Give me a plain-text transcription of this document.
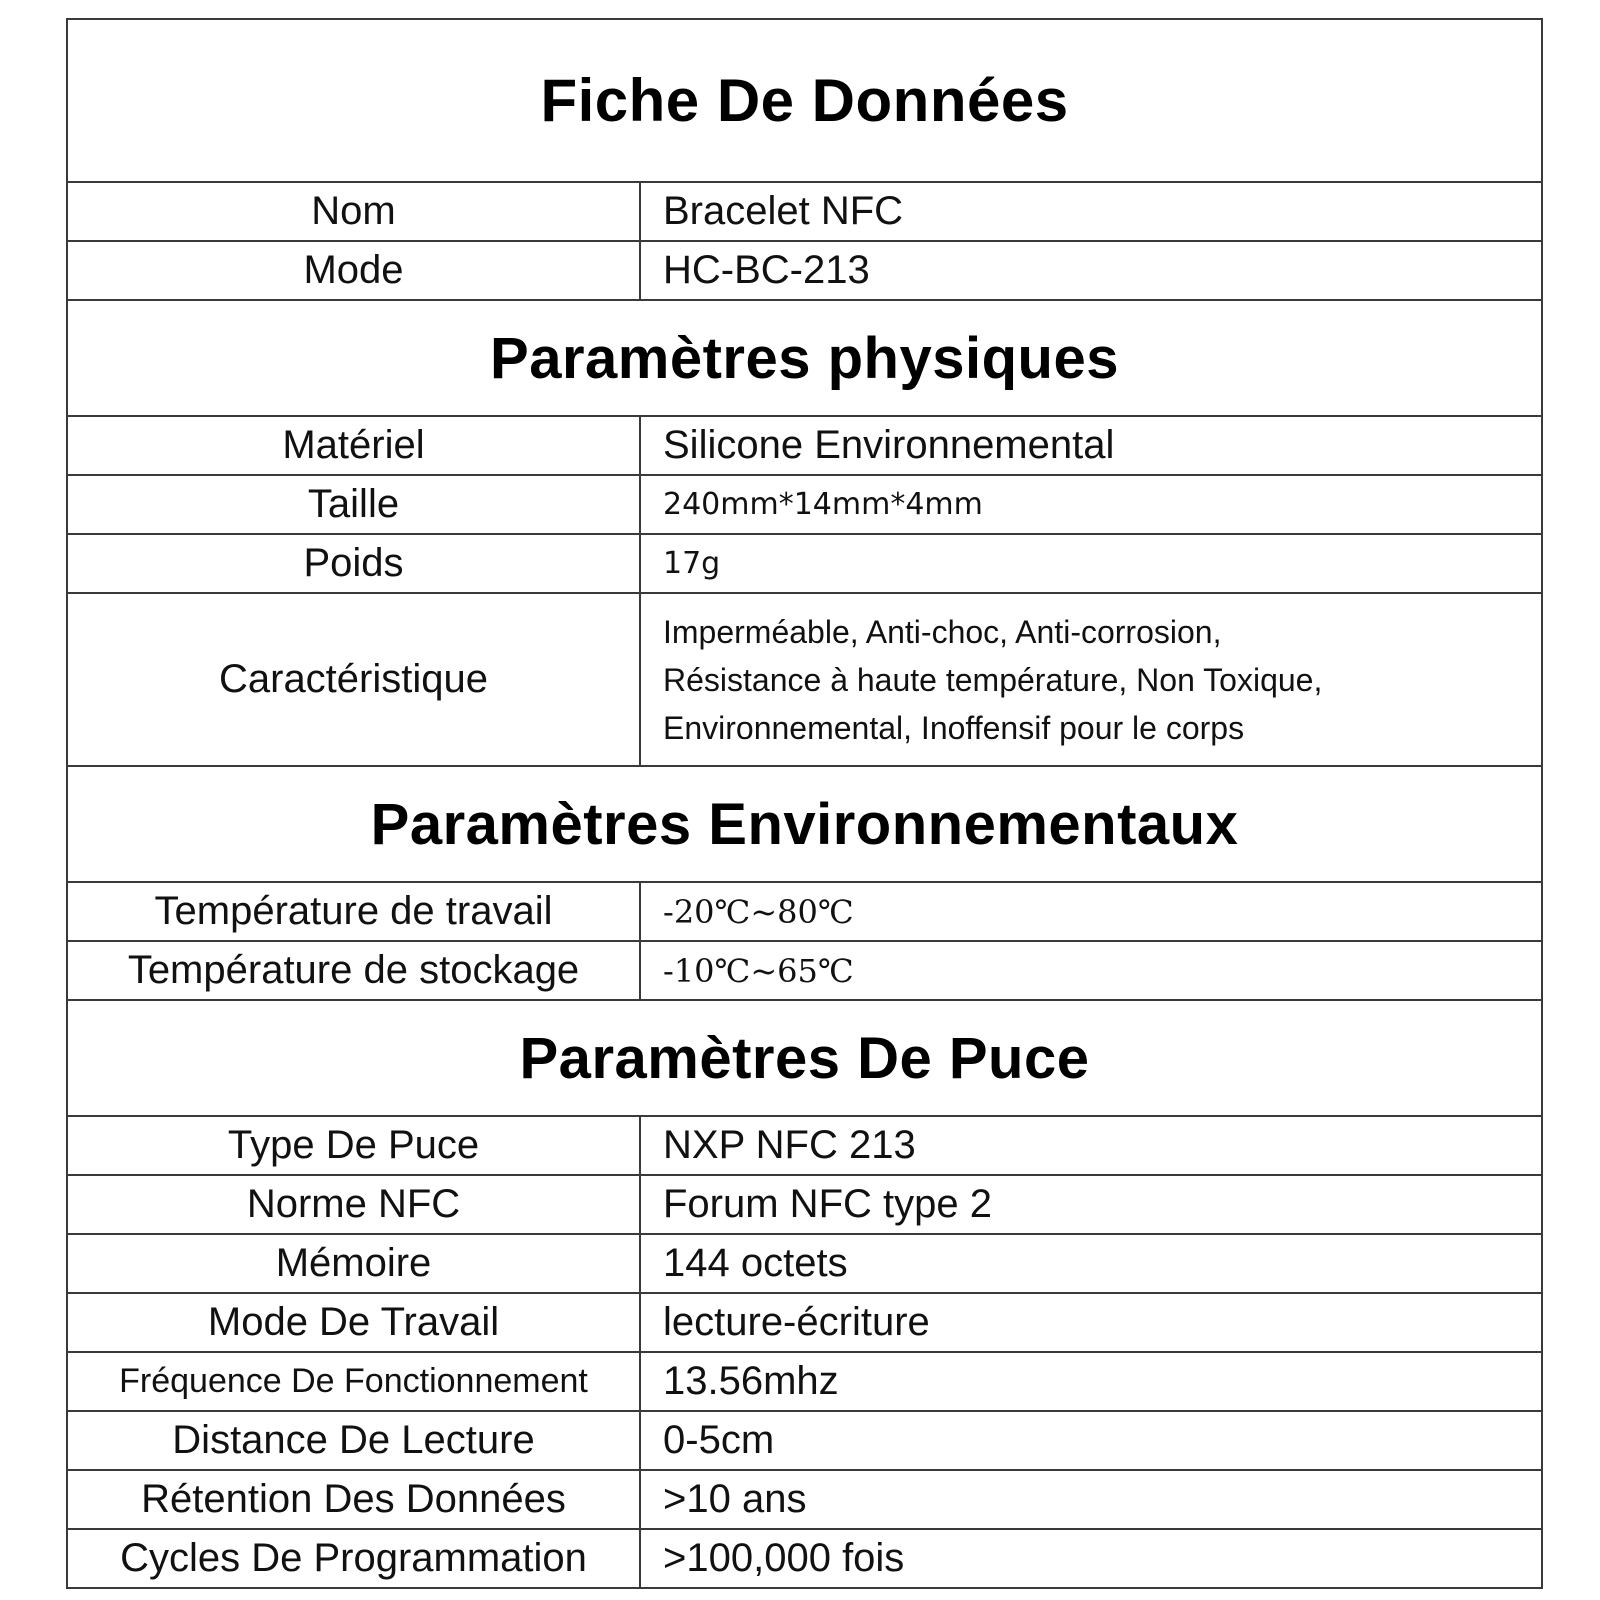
Fiche De Données	
Nom	Bracelet NFC
Mode	HC-BC-213
Paramètres physiques	
Matériel	Silicone Environnemental
Taille	240mm*14mm*4mm
Poids	17g
Caractéristique	Imperméable, Anti-choc, Anti-corrosion,
Résistance à haute température, Non Toxique,
Environnemental, Inoffensif pour le corps

Paramètres Environnementaux	
Température de travail	-20℃~80℃
Température de stockage	-10℃~65℃
Paramètres De Puce	
Type De Puce	NXP NFC 213
Norme NFC	Forum NFC type 2
Mémoire	144 octets
Mode De Travail	lecture-écriture
Fréquence De Fonctionnement	13.56mhz
Distance De Lecture	0-5cm
Rétention Des Données	>10 ans
Cycles De Programmation	>100,000 fois
